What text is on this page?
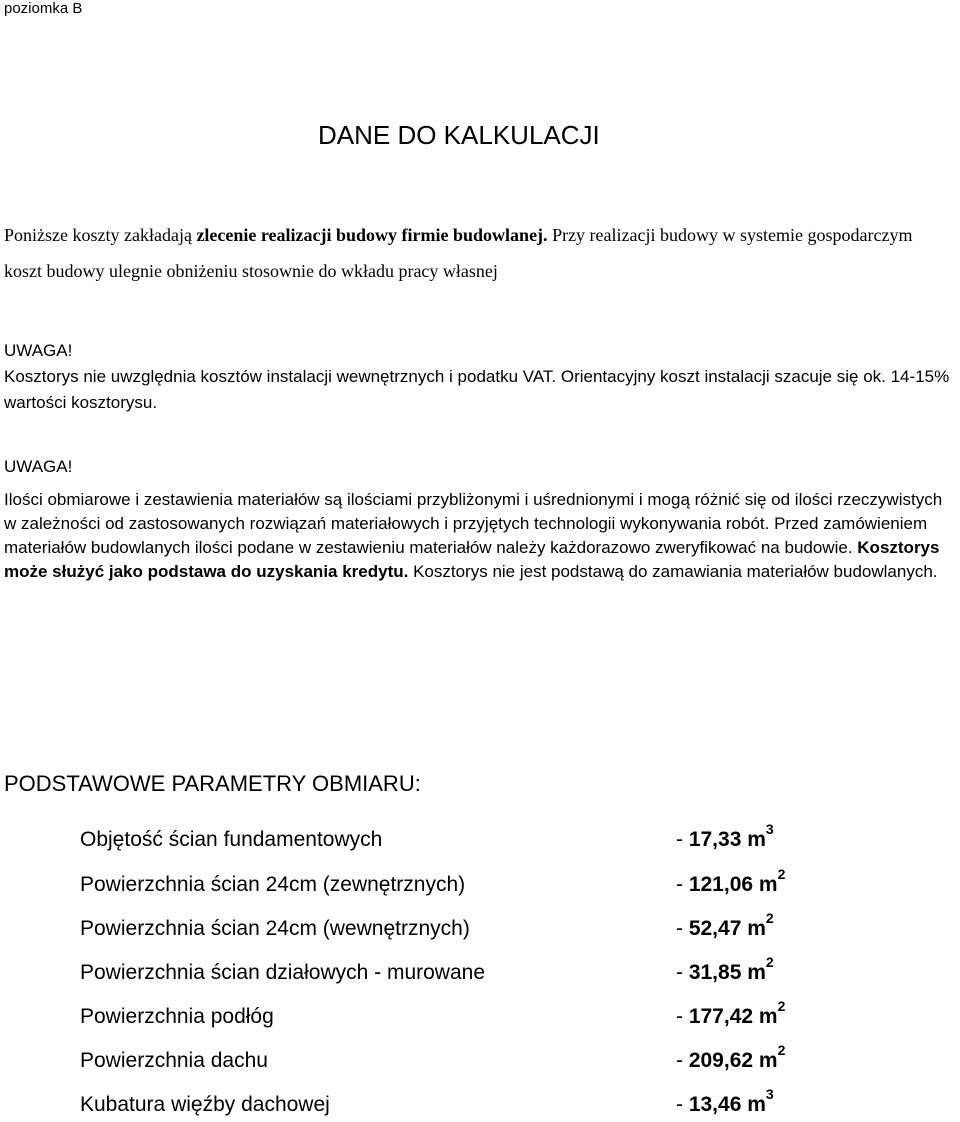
poziomka B
DANE DO KALKULACJI
Poniższe koszty zakładają zlecenie realizacji budowy firmie budowlanej. Przy realizacji budowy w systemie gospodarczym koszt budowy ulegnie obniżeniu stosownie do wkładu pracy własnej
UWAGA!
Kosztorys nie uwzględnia kosztów instalacji wewnętrznych i podatku VAT. Orientacyjny koszt instalacji szacuje się ok. 14-15% wartości kosztorysu.
UWAGA!
Ilości obmiarowe i zestawienia materiałów są ilościami przybliżonymi i uśrednionymi i mogą różnić się od ilości rzeczywistych w zależności od zastosowanych rozwiązań materiałowych i przyjętych technologii wykonywania robót. Przed zamówieniem materiałów budowlanych ilości podane w zestawieniu materiałów należy każdorazowo zweryfikować na budowie. Kosztorys może służyć jako podstawa do uzyskania kredytu. Kosztorys nie jest podstawą do zamawiania materiałów budowlanych.
PODSTAWOWE PARAMETRY OBMIARU:
Objętość ścian fundamentowych	- 17,33 $m^3$
Powierzchnia ścian 24cm (zewnętrznych)	- 121,06 $m^2$
Powierzchnia ścian 24cm (wewnętrznych)	- 52,47 $m^2$
Powierzchnia ścian działowych - murowane	- 31,85 $m^2$
Powierzchnia podłóg	- 177,42 $m^2$
Powierzchnia dachu	- 209,62 $m^2$
Kubatura więźby dachowej	- 13,46 $m^3$
